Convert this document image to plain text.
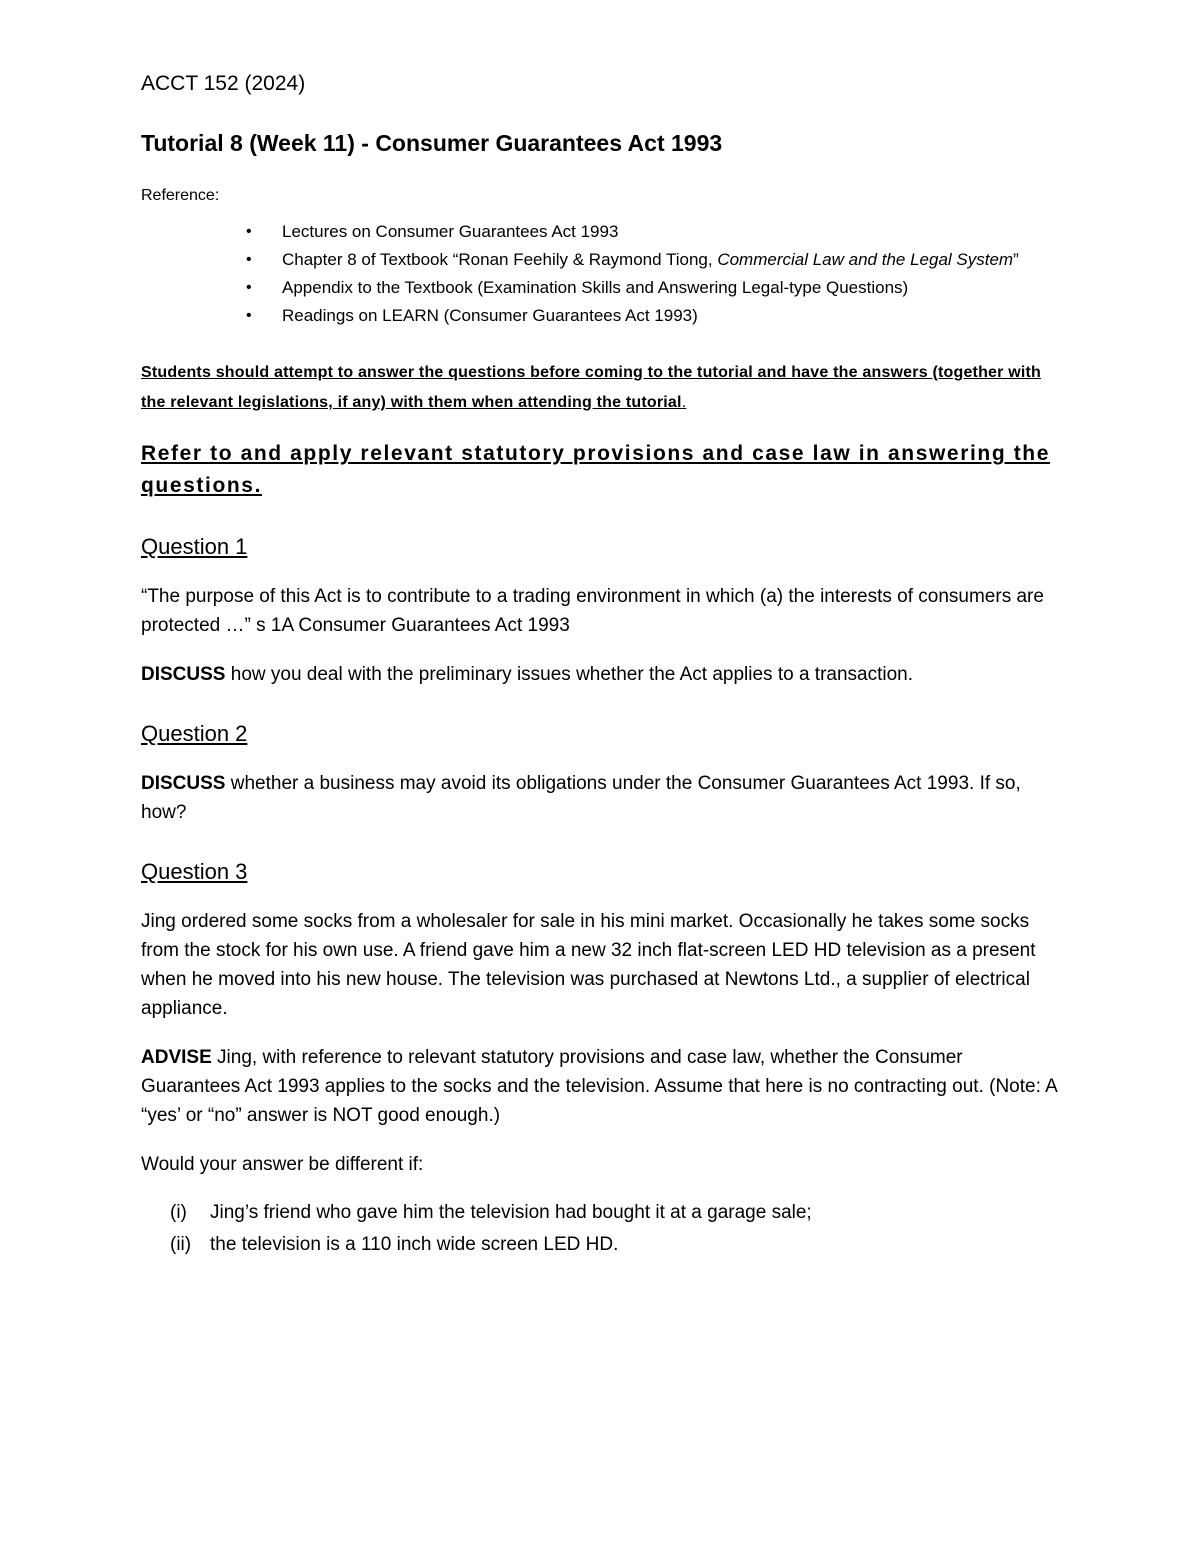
ACCT 152 (2024)

Tutorial 8 (Week 11) - Consumer Guarantees Act 1993

Reference:

• Lectures on Consumer Guarantees Act 1993
• Chapter 8 of Textbook “Ronan Feehily & Raymond Tiong, Commercial Law and the Legal System”
• Appendix to the Textbook (Examination Skills and Answering Legal-type Questions)
• Readings on LEARN (Consumer Guarantees Act 1993)

Students should attempt to answer the questions before coming to the tutorial and have the answers (together with the relevant legislations, if any) with them when attending the tutorial.

Refer to and apply relevant statutory provisions and case law in answering the questions.

Question 1

“The purpose of this Act is to contribute to a trading environment in which (a) the interests of consumers are protected …” s 1A Consumer Guarantees Act 1993

DISCUSS how you deal with the preliminary issues whether the Act applies to a transaction.

Question 2

DISCUSS whether a business may avoid its obligations under the Consumer Guarantees Act 1993. If so, how?

Question 3

Jing ordered some socks from a wholesaler for sale in his mini market. Occasionally he takes some socks from the stock for his own use. A friend gave him a new 32 inch flat-screen LED HD television as a present when he moved into his new house. The television was purchased at Newtons Ltd., a supplier of electrical appliance.

ADVISE Jing, with reference to relevant statutory provisions and case law, whether the Consumer Guarantees Act 1993 applies to the socks and the television. Assume that here is no contracting out. (Note: A “yes’ or “no” answer is NOT good enough.)

Would your answer be different if:

(i) Jing’s friend who gave him the television had bought it at a garage sale;
(ii) the television is a 110 inch wide screen LED HD.
